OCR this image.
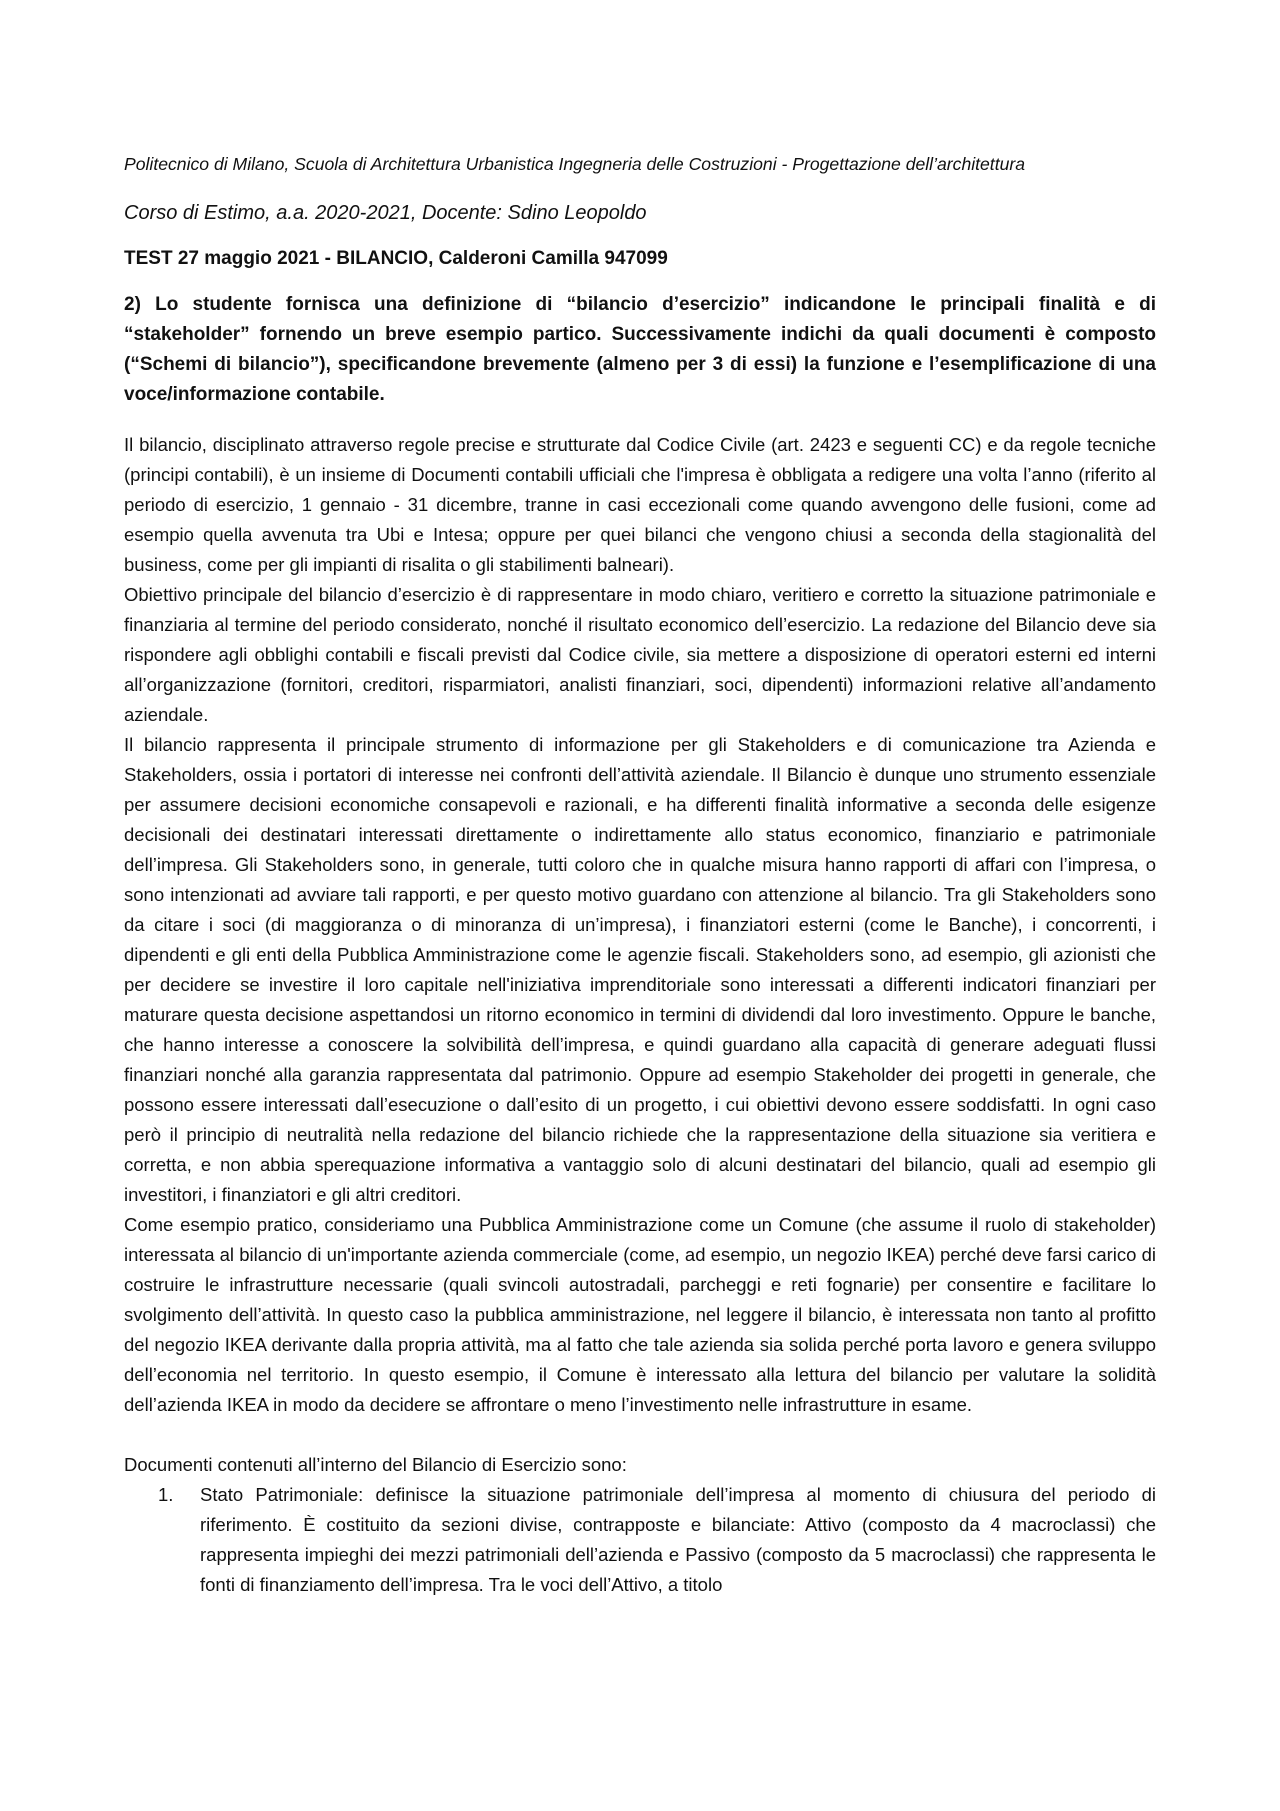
Politecnico di Milano, Scuola di Architettura Urbanistica Ingegneria delle Costruzioni - Progettazione dell’architettura

Corso di Estimo, a.a. 2020-2021, Docente: Sdino Leopoldo

TEST 27 maggio 2021 - BILANCIO, Calderoni Camilla 947099

2) Lo studente fornisca una definizione di “bilancio d’esercizio” indicandone le principali finalità e di “stakeholder” fornendo un breve esempio partico. Successivamente indichi da quali documenti è composto (“Schemi di bilancio”), specificandone brevemente (almeno per 3 di essi) la funzione e l’esemplificazione di una voce/informazione contabile.

Il bilancio, disciplinato attraverso regole precise e strutturate dal Codice Civile (art. 2423 e seguenti CC) e da regole tecniche (principi contabili), è un insieme di Documenti contabili ufficiali che l'impresa è obbligata a redigere una volta l’anno (riferito al periodo di esercizio, 1 gennaio - 31 dicembre, tranne in casi eccezionali come quando avvengono delle fusioni, come ad esempio quella avvenuta tra Ubi e Intesa; oppure per quei bilanci che vengono chiusi a seconda della stagionalità del business, come per gli impianti di risalita o gli stabilimenti balneari).

Obiettivo principale del bilancio d’esercizio è di rappresentare in modo chiaro, veritiero e corretto la situazione patrimoniale e finanziaria al termine del periodo considerato, nonché il risultato economico dell’esercizio. La redazione del Bilancio deve sia rispondere agli obblighi contabili e fiscali previsti dal Codice civile, sia mettere a disposizione di operatori esterni ed interni all’organizzazione (fornitori, creditori, risparmiatori, analisti finanziari, soci, dipendenti) informazioni relative all’andamento aziendale.

Il bilancio rappresenta il principale strumento di informazione per gli Stakeholders e di comunicazione tra Azienda e Stakeholders, ossia i portatori di interesse nei confronti dell’attività aziendale. Il Bilancio è dunque uno strumento essenziale per assumere decisioni economiche consapevoli e razionali, e ha differenti finalità informative a seconda delle esigenze decisionali dei destinatari interessati direttamente o indirettamente allo status economico, finanziario e patrimoniale dell’impresa. Gli Stakeholders sono, in generale, tutti coloro che in qualche misura hanno rapporti di affari con l’impresa, o sono intenzionati ad avviare tali rapporti, e per questo motivo guardano con attenzione al bilancio. Tra gli Stakeholders sono da citare i soci (di maggioranza o di minoranza di un’impresa), i finanziatori esterni (come le Banche), i concorrenti, i dipendenti e gli enti della Pubblica Amministrazione come le agenzie fiscali. Stakeholders sono, ad esempio, gli azionisti che per decidere se investire il loro capitale nell'iniziativa imprenditoriale sono interessati a differenti indicatori finanziari per maturare questa decisione aspettandosi un ritorno economico in termini di dividendi dal loro investimento. Oppure le banche, che hanno interesse a conoscere la solvibilità dell’impresa, e quindi guardano alla capacità di generare adeguati flussi finanziari nonché alla garanzia rappresentata dal patrimonio. Oppure ad esempio Stakeholder dei progetti in generale, che possono essere interessati dall’esecuzione o dall’esito di un progetto, i cui obiettivi devono essere soddisfatti. In ogni caso però il principio di neutralità nella redazione del bilancio richiede che la rappresentazione della situazione sia veritiera e corretta, e non abbia sperequazione informativa a vantaggio solo di alcuni destinatari del bilancio, quali ad esempio gli investitori, i finanziatori e gli altri creditori.

Come esempio pratico, consideriamo una Pubblica Amministrazione come un Comune (che assume il ruolo di stakeholder) interessata al bilancio di un'importante azienda commerciale (come, ad esempio, un negozio IKEA) perché deve farsi carico di costruire le infrastrutture necessarie (quali svincoli autostradali, parcheggi e reti fognarie) per consentire e facilitare lo svolgimento dell’attività. In questo caso la pubblica amministrazione, nel leggere il bilancio, è interessata non tanto al profitto del negozio IKEA derivante dalla propria attività, ma al fatto che tale azienda sia solida perché porta lavoro e genera sviluppo dell’economia nel territorio. In questo esempio, il Comune è interessato alla lettura del bilancio per valutare la solidità dell’azienda IKEA in modo da decidere se affrontare o meno l’investimento nelle infrastrutture in esame.

Documenti contenuti all’interno del Bilancio di Esercizio sono:

1.	Stato Patrimoniale: definisce la situazione patrimoniale dell’impresa al momento di chiusura del periodo di riferimento. È costituito da sezioni divise, contrapposte e bilanciate: Attivo (composto da 4 macroclassi) che rappresenta impieghi dei mezzi patrimoniali dell’azienda e Passivo (composto da 5 macroclassi) che rappresenta le fonti di finanziamento dell’impresa. Tra le voci dell’Attivo, a titolo
